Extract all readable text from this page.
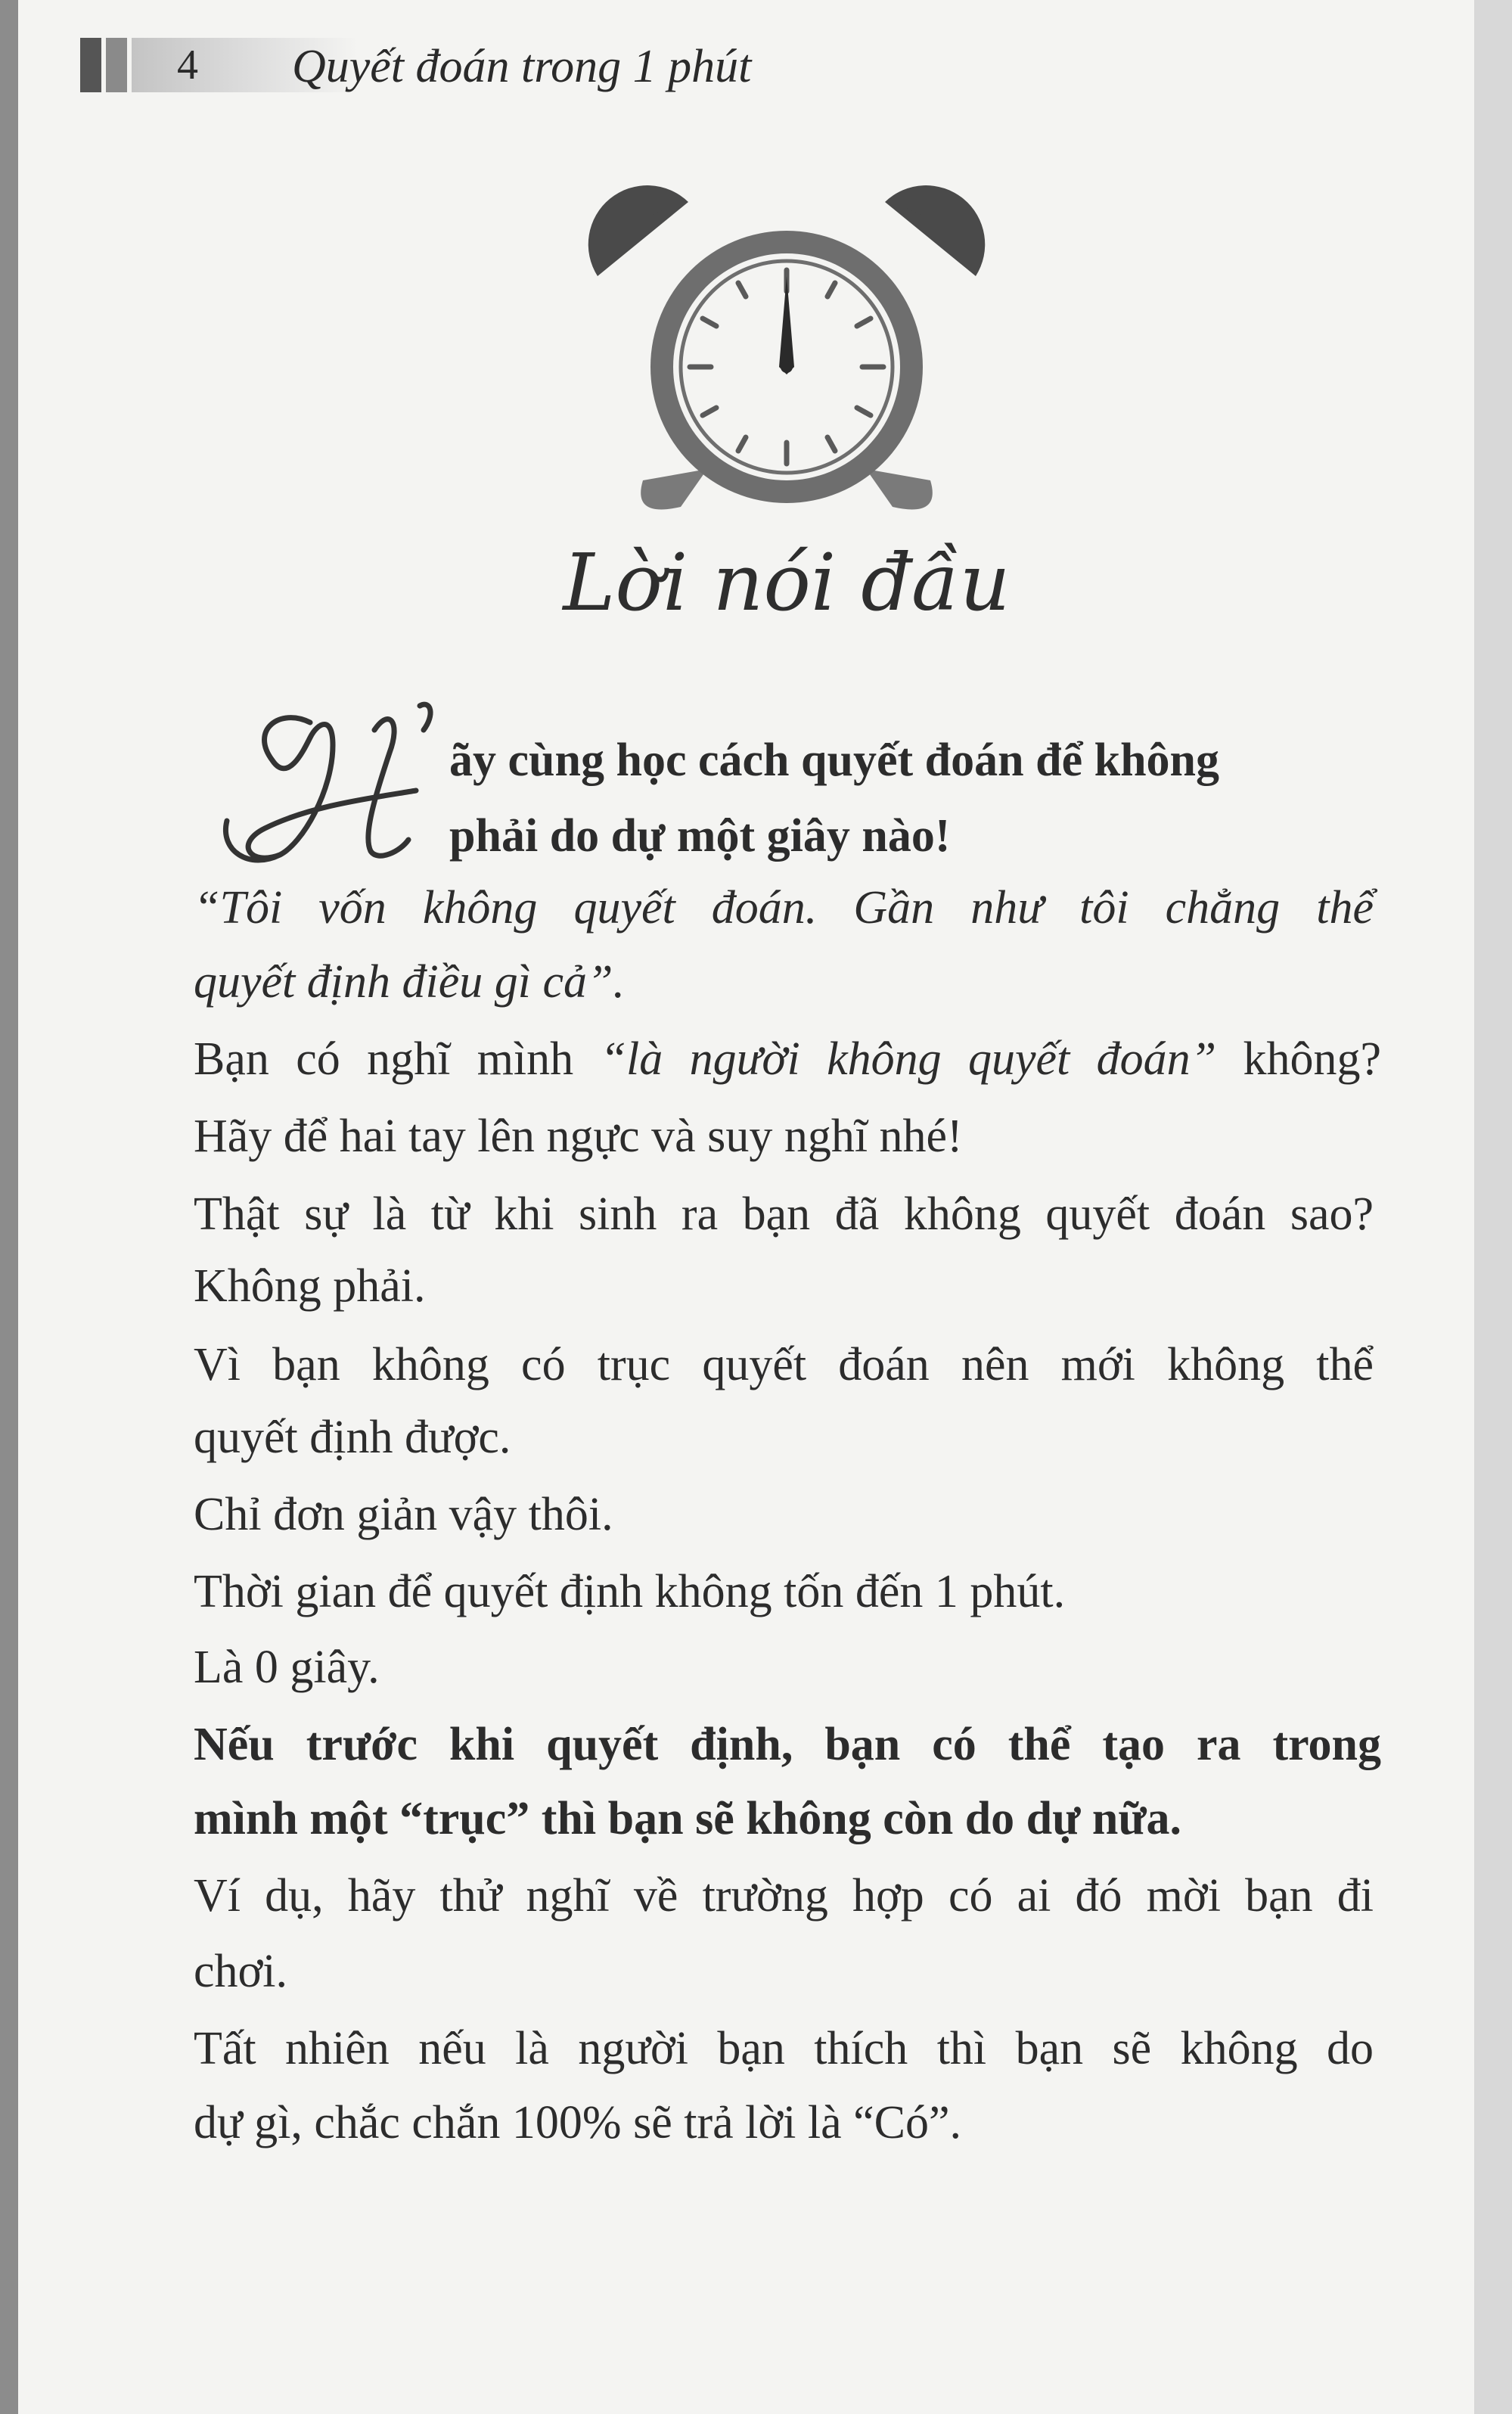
4 Quyết đoán trong 1 phút
Lời nói đầu
ãy cùng học cách quyết đoán để không
phải do dự một giây nào!
“Tôi vốn không quyết đoán. Gần như tôi chẳng thể
quyết định điều gì cả”.
Bạn có nghĩ mình “là người không quyết đoán” không?
Hãy để hai tay lên ngực và suy nghĩ nhé!
Thật sự là từ khi sinh ra bạn đã không quyết đoán sao?
Không phải.
Vì bạn không có trục quyết đoán nên mới không thể
quyết định được.
Chỉ đơn giản vậy thôi.
Thời gian để quyết định không tốn đến 1 phút.
Là 0 giây.
Nếu trước khi quyết định, bạn có thể tạo ra trong
mình một “trục” thì bạn sẽ không còn do dự nữa.
Ví dụ, hãy thử nghĩ về trường hợp có ai đó mời bạn đi
chơi.
Tất nhiên nếu là người bạn thích thì bạn sẽ không do
dự gì, chắc chắn 100% sẽ trả lời là “Có”.
